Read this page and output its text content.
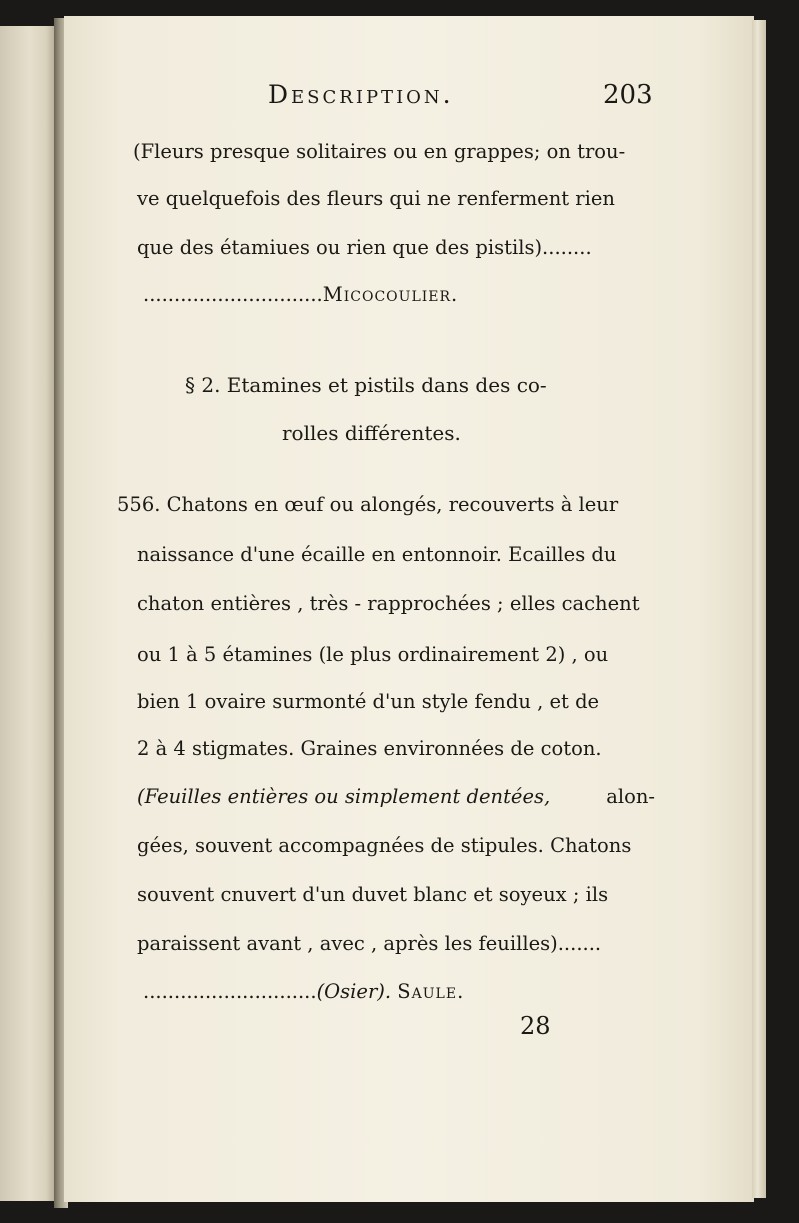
Description.	203
(Fleurs presque solitaires ou en grappes; on trou-
ve quelquefois des fleurs qui ne renferment rien
que des étamiues ou rien que des pistils)........
.............................Micocoulier.
§ 2. Etamines et pistils dans des co-
rolles différentes.
556. Chatons en œuf ou alongés, recouverts à leur
naissance d'une écaille en entonnoir. Ecailles du
chaton entières , très - rapprochées ; elles cachent
ou 1 à 5 étamines (le plus ordinairement 2) , ou
bien 1 ovaire surmonté d'un style fendu , et de
2 à 4 stigmates. Graines environnées de coton.
(Feuilles entières ou simplement dentées,	alon-
gées, souvent accompagnées de stipules. Chatons
souvent cnuvert d'un duvet blanc et soyeux ; ils
paraissent avant , avec , après les feuilles).......
............................(Osier). Saule.
28
